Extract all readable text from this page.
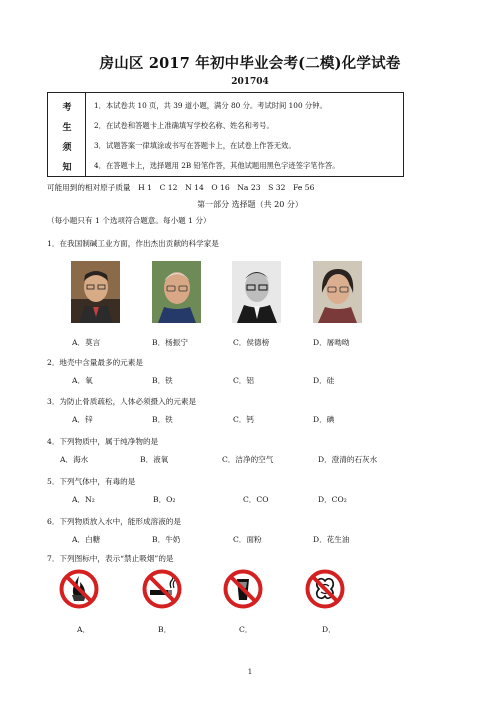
房山区 2017 年初中毕业会考(二模)化学试卷
201704
考
生
须
知
1．本试卷共 10 页，共 39 道小题，满分 80 分。考试时间 100 分钟。
2．在试卷和答题卡上准确填写学校名称、姓名和考号。
3．试题答案一律填涂或书写在答题卡上，在试卷上作答无效。
4．在答题卡上，选择题用 2B 铅笔作答，其他试题用黑色字迹签字笔作答。
可能用到的相对原子质量　H 1　C 12　N 14　O 16　Na 23　S 32　Fe 56
第一部分 选择题（共 20 分）
（每小题只有 1 个选项符合题意。每小题 1 分）
1．在我国制碱工业方面，作出杰出贡献的科学家是
A．莫言	B．杨振宁	C．侯德榜	D．屠呦呦
2．地壳中含量最多的元素是
A．氧	B．铁	C．铝	D．硅
3．为防止骨质疏松，人体必须摄入的元素是
A．锌	B．铁	C．钙	D．碘
4．下列物质中，属于纯净物的是
A．海水	B．液氧	C．洁净的空气	D．澄清的石灰水
5．下列气体中，有毒的是
A．N₂	B．O₂	C．CO	D．CO₂
6．下列物质放入水中，能形成溶液的是
A．白糖	B．牛奶	C．面粉	D．花生油
7．下列图标中，表示“禁止吸烟”的是
A．	B．	C．	D．
1
